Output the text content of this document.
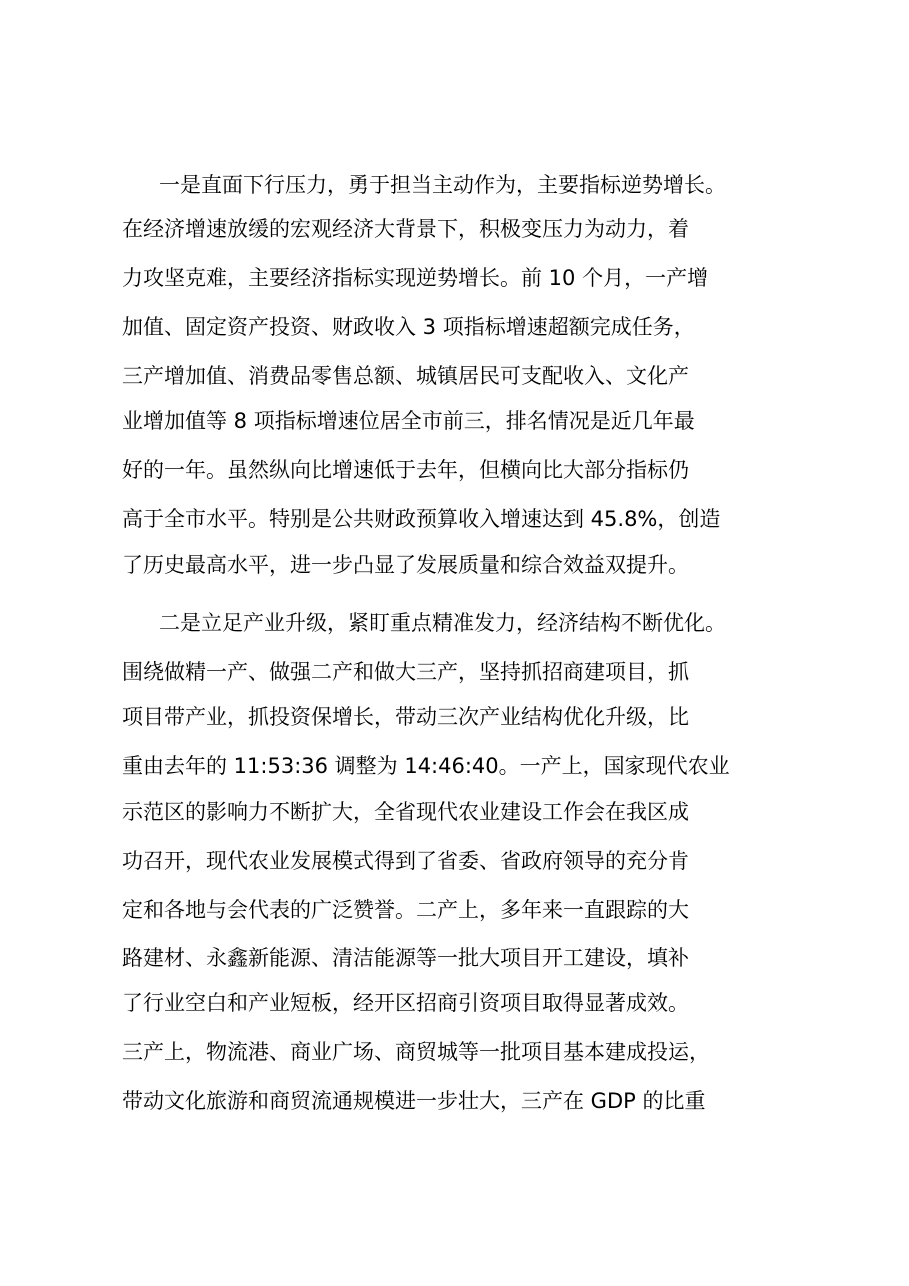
一是直面下行压力，勇于担当主动作为，主要指标逆势增长。
在经济增速放缓的宏观经济大背景下，积极变压力为动力，着
力攻坚克难，主要经济指标实现逆势增长。前 10 个月，一产增
加值、固定资产投资、财政收入 3 项指标增速超额完成任务，
三产增加值、消费品零售总额、城镇居民可支配收入、文化产
业增加值等 8 项指标增速位居全市前三，排名情况是近几年最
好的一年。虽然纵向比增速低于去年，但横向比大部分指标仍
高于全市水平。特别是公共财政预算收入增速达到 45.8%，创造
了历史最高水平，进一步凸显了发展质量和综合效益双提升。
二是立足产业升级，紧盯重点精准发力，经济结构不断优化。
围绕做精一产、做强二产和做大三产，坚持抓招商建项目，抓
项目带产业，抓投资保增长，带动三次产业结构优化升级，比
重由去年的 11:53:36 调整为 14:46:40。一产上，国家现代农业
示范区的影响力不断扩大，全省现代农业建设工作会在我区成
功召开，现代农业发展模式得到了省委、省政府领导的充分肯
定和各地与会代表的广泛赞誉。二产上，多年来一直跟踪的大
路建材、永鑫新能源、清洁能源等一批大项目开工建设，填补
了行业空白和产业短板，经开区招商引资项目取得显著成效。
三产上，物流港、商业广场、商贸城等一批项目基本建成投运，
带动文化旅游和商贸流通规模进一步壮大，三产在 GDP 的比重
